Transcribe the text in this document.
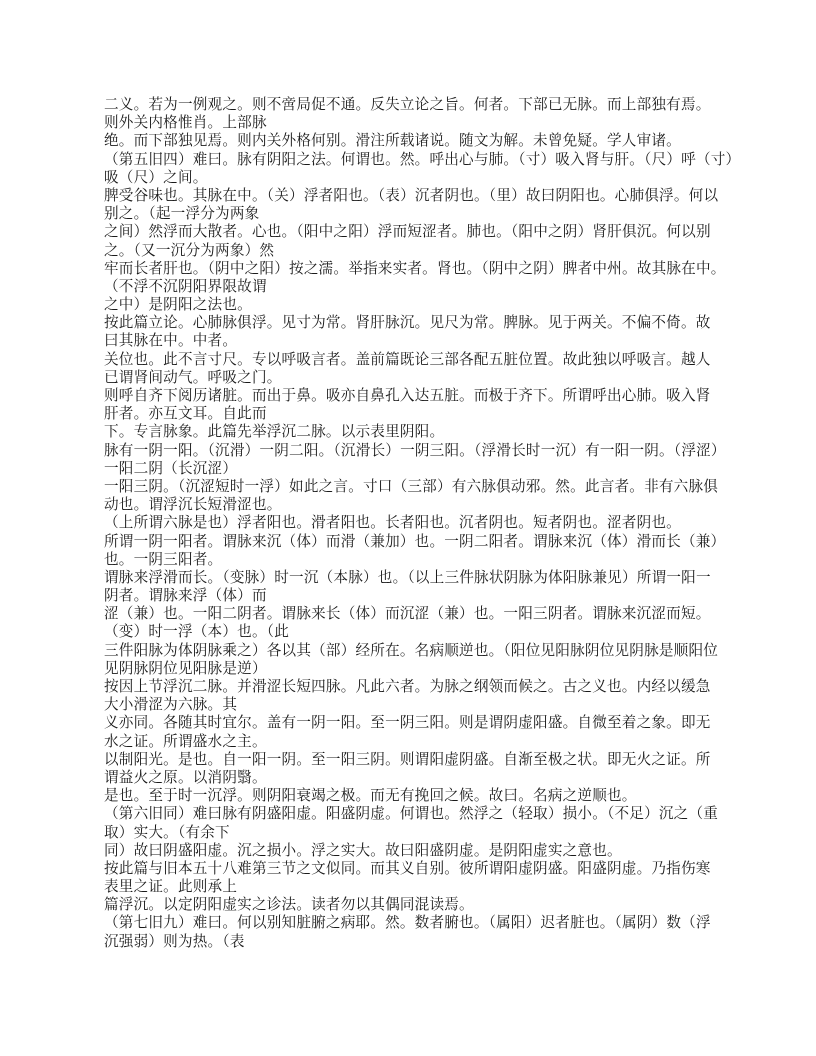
二义。若为一例观之。则不啻局促不通。反失立论之旨。何者。下部已无脉。而上部独有焉。
则外关内格惟肖。上部脉
绝。而下部独见焉。则内关外格何别。滑注所载诸说。随文为解。未曾免疑。学人审诸。
（第五旧四）难曰。脉有阴阳之法。何谓也。然。呼出心与肺。（寸）吸入肾与肝。（尺）呼（寸）
吸（尺）之间。
脾受谷味也。其脉在中。（关）浮者阳也。（表）沉者阴也。（里）故曰阴阳也。心肺俱浮。何以
别之。（起一浮分为两象
之间）然浮而大散者。心也。（阳中之阳）浮而短涩者。肺也。（阳中之阴）肾肝俱沉。何以别
之。（又一沉分为两象）然
牢而长者肝也。（阴中之阳）按之濡。举指来实者。肾也。（阴中之阴）脾者中州。故其脉在中。
（不浮不沉阴阳界限故谓
之中）是阴阳之法也。
按此篇立论。心肺脉俱浮。见寸为常。肾肝脉沉。见尺为常。脾脉。见于两关。不偏不倚。故
曰其脉在中。中者。
关位也。此不言寸尺。专以呼吸言者。盖前篇既论三部各配五脏位置。故此独以呼吸言。越人
已谓肾间动气。呼吸之门。
则呼自齐下阅历诸脏。而出于鼻。吸亦自鼻孔入达五脏。而极于齐下。所谓呼出心肺。吸入肾
肝者。亦互文耳。自此而
下。专言脉象。此篇先举浮沉二脉。以示表里阴阳。
脉有一阴一阳。（沉滑）一阴二阳。（沉滑长）一阴三阳。（浮滑长时一沉）有一阳一阴。（浮涩）
一阳二阴（长沉涩）
一阳三阴。（沉涩短时一浮）如此之言。寸口（三部）有六脉俱动邪。然。此言者。非有六脉俱
动也。谓浮沉长短滑涩也。
（上所谓六脉是也）浮者阳也。滑者阳也。长者阳也。沉者阴也。短者阴也。涩者阴也。
所谓一阴一阳者。谓脉来沉（体）而滑（兼加）也。一阴二阳者。谓脉来沉（体）滑而长（兼）
也。一阴三阳者。
谓脉来浮滑而长。（变脉）时一沉（本脉）也。（以上三件脉状阴脉为体阳脉兼见）所谓一阳一
阴者。谓脉来浮（体）而
涩（兼）也。一阳二阴者。谓脉来长（体）而沉涩（兼）也。一阳三阴者。谓脉来沉涩而短。
（变）时一浮（本）也。（此
三件阳脉为体阴脉乘之）各以其（部）经所在。名病顺逆也。（阳位见阳脉阴位见阴脉是顺阳位
见阴脉阴位见阳脉是逆）
按因上节浮沉二脉。并滑涩长短四脉。凡此六者。为脉之纲领而候之。古之义也。内经以缓急
大小滑涩为六脉。其
义亦同。各随其时宜尔。盖有一阴一阳。至一阴三阳。则是谓阴虚阳盛。自微至着之象。即无
水之证。所谓盛水之主。
以制阳光。是也。自一阳一阴。至一阳三阴。则谓阳虚阴盛。自渐至极之状。即无火之证。所
谓益火之原。以消阴翳。
是也。至于时一沉浮。则阴阳衰竭之极。而无有挽回之候。故曰。名病之逆顺也。
（第六旧同）难曰脉有阴盛阳虚。阳盛阴虚。何谓也。然浮之（轻取）损小。（不足）沉之（重
取）实大。（有余下
同）故曰阴盛阳虚。沉之损小。浮之实大。故曰阳盛阴虚。是阴阳虚实之意也。
按此篇与旧本五十八难第三节之文似同。而其义自别。彼所谓阳虚阴盛。阳盛阴虚。乃指伤寒
表里之证。此则承上
篇浮沉。以定阴阳虚实之诊法。读者勿以其偶同混读焉。
（第七旧九）难曰。何以别知脏腑之病耶。然。数者腑也。（属阳）迟者脏也。（属阴）数（浮
沉强弱）则为热。（表
